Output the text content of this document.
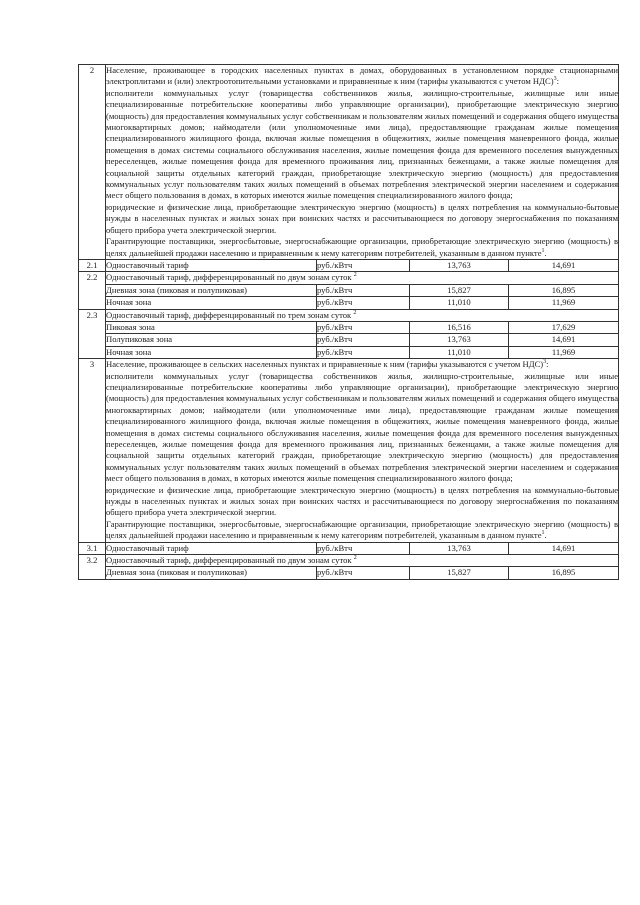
2	Население, проживающее в городских населенных пунктах в домах, оборудованных в установленном порядке стационарными электроплитами и (или) электроотопительными установками и приравненные к ним (тарифы указываются с учетом НДС)$^3$:

исполнители коммунальных услуг (товарищества собственников жилья, жилищно-строительные, жилищные или иные специализированные потребительские кооперативы либо управляющие организации), приобретающие электрическую энергию (мощность) для предоставления коммунальных услуг собственникам и пользователям жилых помещений и содержания общего имущества многоквартирных домов; наймодатели (или уполномоченные ими лица), предоставляющие гражданам жилые помещения специализированного жилищного фонда, включая жилые помещения в общежитиях, жилые помещения маневренного фонда, жилые помещения в домах системы социального обслуживания населения, жилые помещения фонда для временного поселения вынужденных переселенцев, жилые помещения фонда для временного проживания лиц, признанных беженцами, а также жилые помещения для социальной защиты отдельных категорий граждан, приобретающие электрическую энергию (мощность) для предоставления коммунальных услуг пользователям таких жилых помещений в объемах потребления электрической энергии населением и содержания мест общего пользования в домах, в которых имеются жилые помещения специализированного жилого фонда;

юридические и физические лица, приобретающие электрическую энергию (мощность) в целях потребления на коммунально-бытовые нужды в населенных пунктах и жилых зонах при воинских частях и рассчитывающиеся по договору энергоснабжения по показаниям общего прибора учета электрической энергии.

Гарантирующие поставщики, энергосбытовые, энергоснабжающие организации, приобретающие электрическую энергию (мощность) в целях дальнейшей продажи населению и приравненным к нему категориям потребителей, указанным в данном пункте$^1$.			

2.1	Одноставочный тариф	руб./кВтч	13,763	14,691
2.2	Одноставочный тариф, дифференцированный по двум зонам суток $^2$
	Дневная зона (пиковая и полупиковая)	руб./кВтч	15,827	16,895
	Ночная зона	руб./кВтч	11,010	11,969
2.3	Одноставочный тариф, дифференцированный по трем зонам суток $^2$
	Пиковая зона	руб./кВтч	16,516	17,629
	Полупиковая зона	руб./кВтч	13,763	14,691
	Ночная зона	руб./кВтч	11,010	11,969
3	Население, проживающее в сельских населенных пунктах и приравненные к ним (тарифы указываются с учетом НДС)$^3$:

исполнители коммунальных услуг (товарищества собственников жилья, жилищно-строительные, жилищные или иные специализированные потребительские кооперативы либо управляющие организации), приобретающие электрическую энергию (мощность) для предоставления коммунальных услуг собственникам и пользователям жилых помещений и содержания общего имущества многоквартирных домов; наймодатели (или уполномоченные ими лица), предоставляющие гражданам жилые помещения специализированного жилищного фонда, включая жилые помещения в общежитиях, жилые помещения маневренного фонда, жилые помещения в домах системы социального обслуживания населения, жилые помещения фонда для временного поселения вынужденных переселенцев, жилые помещения фонда для временного проживания лиц, признанных беженцами, а также жилые помещения для социальной защиты отдельных категорий граждан, приобретающие электрическую энергию (мощность) для предоставления коммунальных услуг пользователям таких жилых помещений в объемах потребления электрической энергии населением и содержания мест общего пользования в домах, в которых имеются жилые помещения специализированного жилого фонда;

юридические и физические лица, приобретающие электрическую энергию (мощность) в целях потребления на коммунально-бытовые нужды в населенных пунктах и жилых зонах при воинских частях и рассчитывающиеся по договору энергоснабжения по показаниям общего прибора учета электрической энергии.

Гарантирующие поставщики, энергосбытовые, энергоснабжающие организации, приобретающие электрическую энергию (мощность) в целях дальнейшей продажи населению и приравненным к нему категориям потребителей, указанным в данном пункте$^1$.			

3.1	Одноставочный тариф	руб./кВтч	13,763	14,691
3.2	Одноставочный тариф, дифференцированный по двум зонам суток $^2$
	Дневная зона (пиковая и полупиковая)	руб./кВтч	15,827	16,895
